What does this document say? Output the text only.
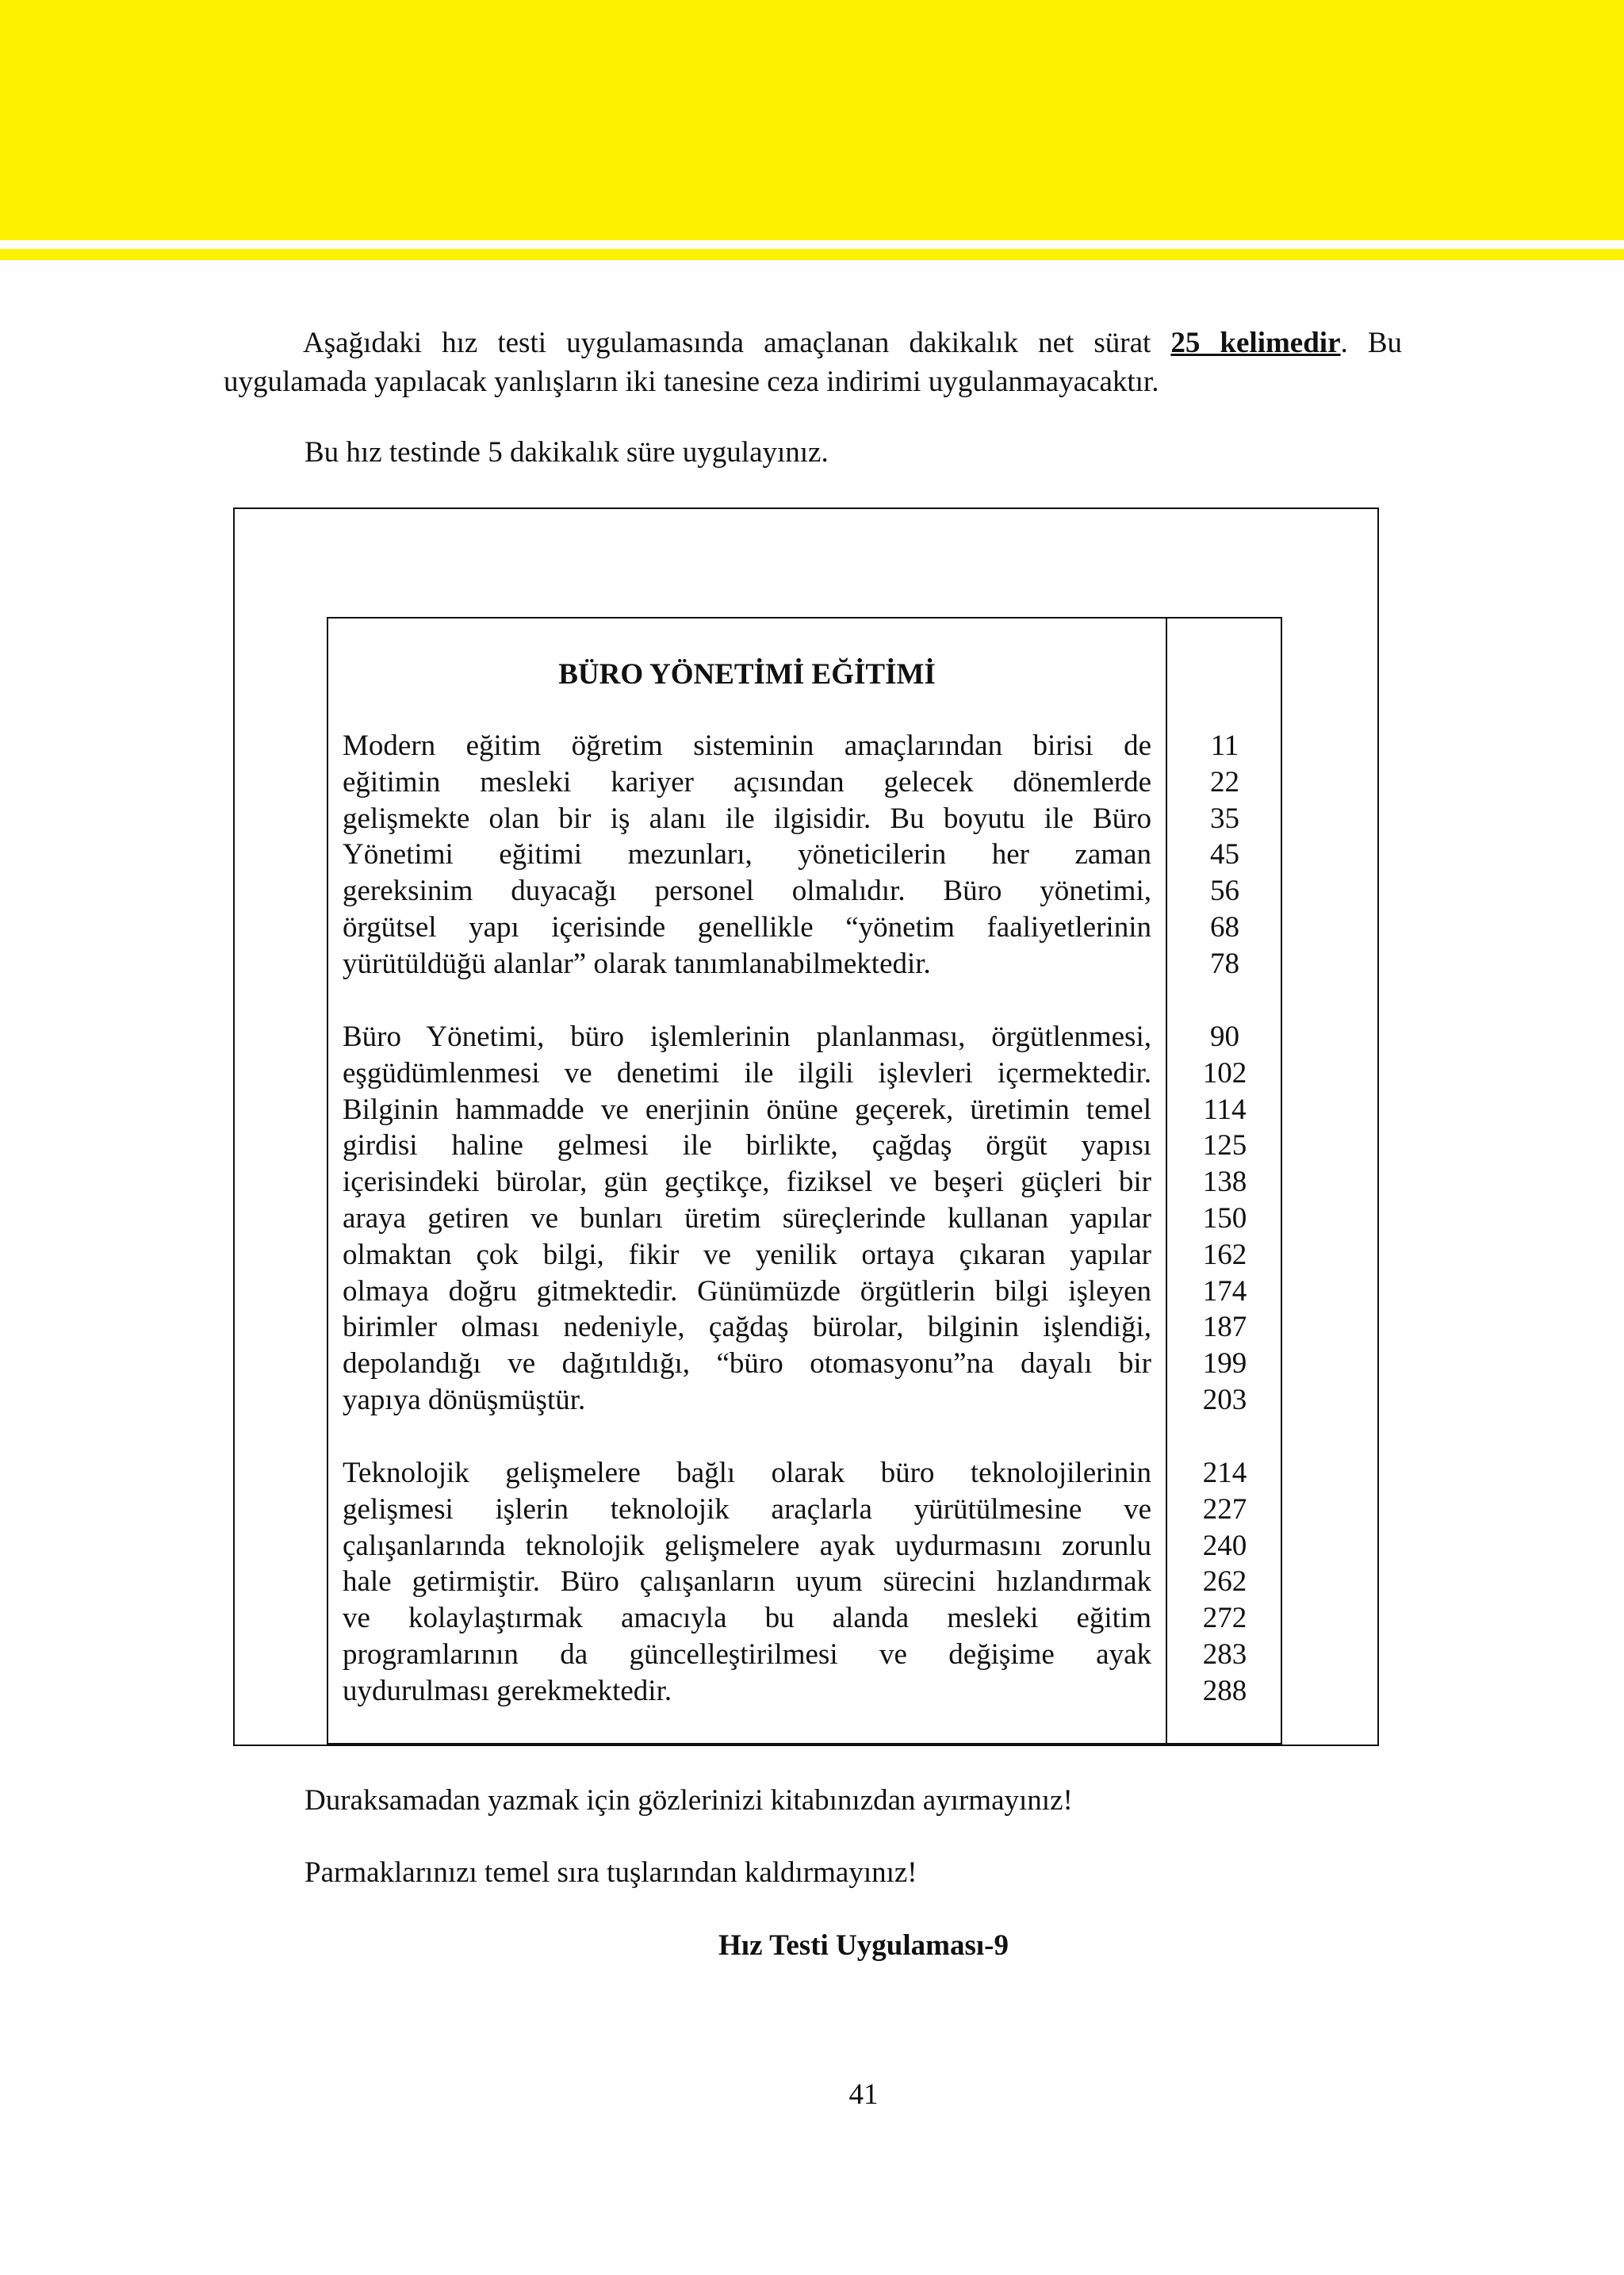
Aşağıdaki hız testi uygulamasında amaçlanan dakikalık net sürat 25 kelimedir. Bu uygulamada yapılacak yanlışların iki tanesine ceza indirimi uygulanmayacaktır.
Bu hız testinde 5 dakikalık süre uygulayınız.
BÜRO YÖNETİMİ EĞİTİMİ
Modern eğitim öğretim sisteminin amaçlarından birisi de
eğitimin mesleki kariyer açısından gelecek dönemlerde
gelişmekte olan bir iş alanı ile ilgisidir. Bu boyutu ile Büro
Yönetimi eğitimi mezunları, yöneticilerin her zaman
gereksinim duyacağı personel olmalıdır. Büro yönetimi,
örgütsel yapı içerisinde genellikle “yönetim faaliyetlerinin
yürütüldüğü alanlar” olarak tanımlanabilmektedir.
11
22
35
45
56
68
78
Büro Yönetimi, büro işlemlerinin planlanması, örgütlenmesi,
eşgüdümlenmesi ve denetimi ile ilgili işlevleri içermektedir.
Bilginin hammadde ve enerjinin önüne geçerek, üretimin temel
girdisi haline gelmesi ile birlikte, çağdaş örgüt yapısı
içerisindeki bürolar, gün geçtikçe, fiziksel ve beşeri güçleri bir
araya getiren ve bunları üretim süreçlerinde kullanan yapılar
olmaktan çok bilgi, fikir ve yenilik ortaya çıkaran yapılar
olmaya doğru gitmektedir. Günümüzde örgütlerin bilgi işleyen
birimler olması nedeniyle, çağdaş bürolar, bilginin işlendiği,
depolandığı ve dağıtıldığı, “büro otomasyonu”na dayalı bir
yapıya dönüşmüştür.
90
102
114
125
138
150
162
174
187
199
203
Teknolojik gelişmelere bağlı olarak büro teknolojilerinin
gelişmesi işlerin teknolojik araçlarla yürütülmesine ve
çalışanlarında teknolojik gelişmelere ayak uydurmasını zorunlu
hale getirmiştir. Büro çalışanların uyum sürecini hızlandırmak
ve kolaylaştırmak amacıyla bu alanda mesleki eğitim
programlarının da güncelleştirilmesi ve değişime ayak
uydurulması gerekmektedir.
214
227
240
262
272
283
288
Duraksamadan yazmak için gözlerinizi kitabınızdan ayırmayınız!
Parmaklarınızı temel sıra tuşlarından kaldırmayınız!
Hız Testi Uygulaması-9
41
